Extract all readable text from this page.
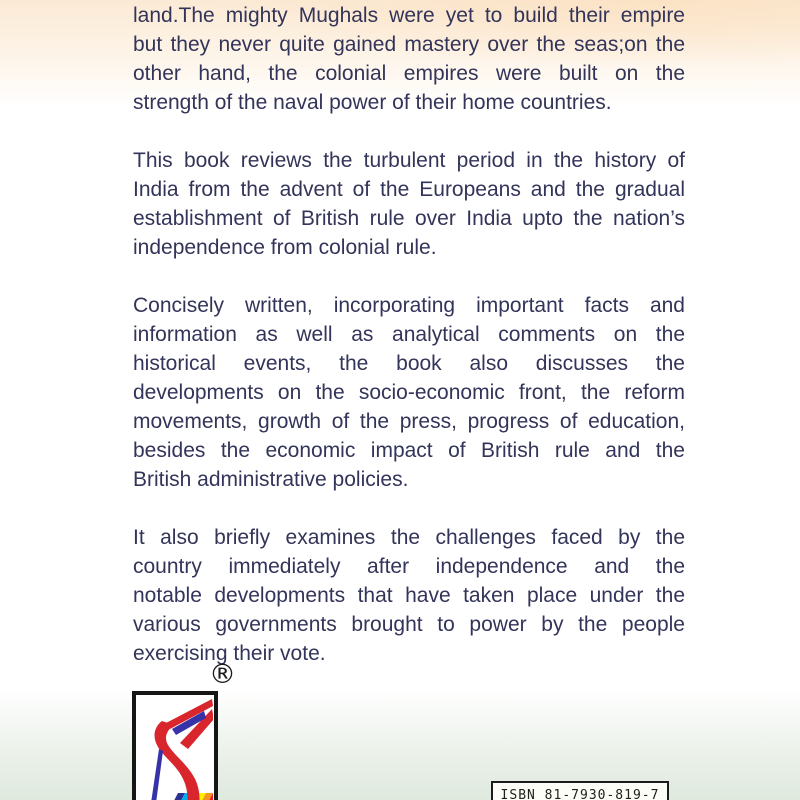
land.The mighty Mughals were yet to build their empire
but they never quite gained mastery over the seas;on the
other hand, the colonial empires were built on the
strength of the naval power of their home countries.
This book reviews the turbulent period in the history of
India from the advent of the Europeans and the gradual
establishment of British rule over India upto the nation’s
independence from colonial rule.
Concisely written, incorporating important facts and
information as well as analytical comments on the
historical events, the book also discusses the
developments on the socio-economic front, the reform
movements, growth of the press, progress of education,
besides the economic impact of British rule and the
British administrative policies.
It also briefly examines the challenges faced by the
country immediately after independence and the
notable developments that have taken place under the
various governments brought to power by the people
exercising their vote.
®
ISBN 81-7930-819-7
